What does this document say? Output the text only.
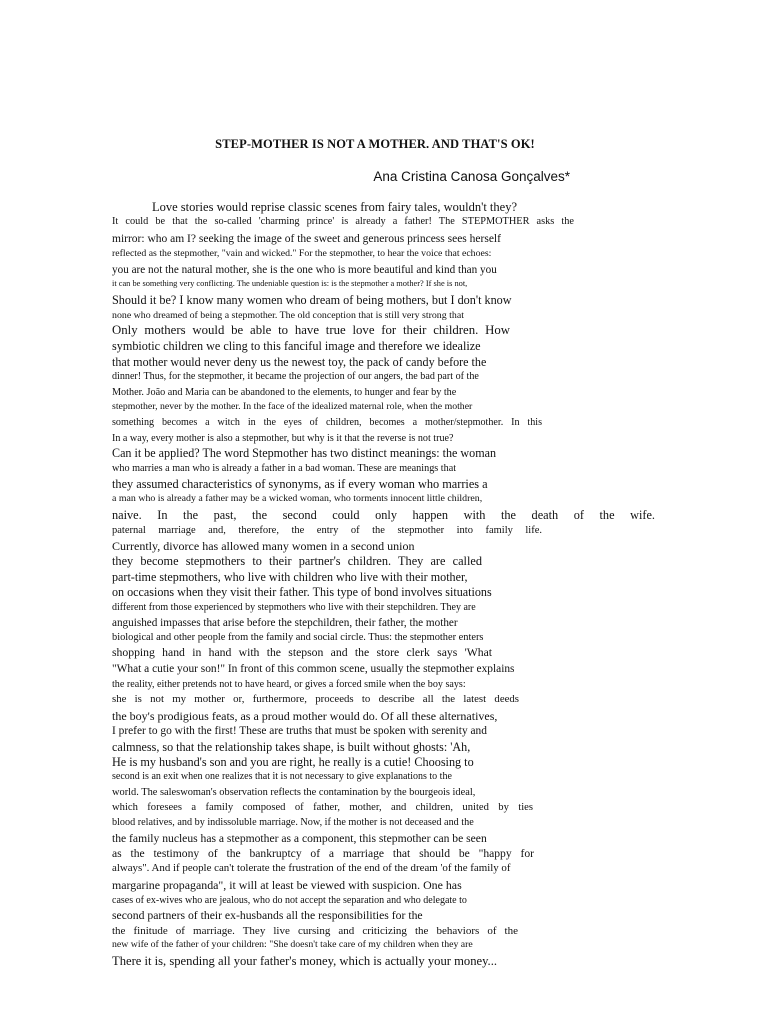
STEP-MOTHER IS NOT A MOTHER. AND THAT'S OK!
Ana Cristina Canosa Gonçalves*
Love stories would reprise classic scenes from fairy tales, wouldn't they?
It could be that the so-called 'charming prince' is already a father! The STEPMOTHER asks the
mirror: who am I? seeking the image of the sweet and generous princess sees herself
reflected as the stepmother, "vain and wicked." For the stepmother, to hear the voice that echoes:
you are not the natural mother, she is the one who is more beautiful and kind than you
it can be something very conflicting. The undeniable question is: is the stepmother a mother? If she is not,
Should it be? I know many women who dream of being mothers, but I don't know
none who dreamed of being a stepmother. The old conception that is still very strong that
Only mothers would be able to have true love for their children. How
symbiotic children we cling to this fanciful image and therefore we idealize
that mother would never deny us the newest toy, the pack of candy before the
dinner! Thus, for the stepmother, it became the projection of our angers, the bad part of the
Mother. João and Maria can be abandoned to the elements, to hunger and fear by the
stepmother, never by the mother. In the face of the idealized maternal role, when the mother
something becomes a witch in the eyes of children, becomes a mother/stepmother. In this
In a way, every mother is also a stepmother, but why is it that the reverse is not true?
Can it be applied? The word Stepmother has two distinct meanings: the woman
who marries a man who is already a father in a bad woman. These are meanings that
they assumed characteristics of synonyms, as if every woman who marries a
a man who is already a father may be a wicked woman, who torments innocent little children,
naive. In the past, the second could only happen with the death of the wife.
paternal marriage and, therefore, the entry of the stepmother into family life.
Currently, divorce has allowed many women in a second union
they become stepmothers to their partner's children. They are called
part-time stepmothers, who live with children who live with their mother,
on occasions when they visit their father. This type of bond involves situations
different from those experienced by stepmothers who live with their stepchildren. They are
anguished impasses that arise before the stepchildren, their father, the mother
biological and other people from the family and social circle. Thus: the stepmother enters
shopping hand in hand with the stepson and the store clerk says 'What
"What a cutie your son!" In front of this common scene, usually the stepmother explains
the reality, either pretends not to have heard, or gives a forced smile when the boy says:
she is not my mother or, furthermore, proceeds to describe all the latest deeds
the boy's prodigious feats, as a proud mother would do. Of all these alternatives,
I prefer to go with the first! These are truths that must be spoken with serenity and
calmness, so that the relationship takes shape, is built without ghosts: 'Ah,
He is my husband's son and you are right, he really is a cutie! Choosing to
second is an exit when one realizes that it is not necessary to give explanations to the
world. The saleswoman's observation reflects the contamination by the bourgeois ideal,
which foresees a family composed of father, mother, and children, united by ties
blood relatives, and by indissoluble marriage. Now, if the mother is not deceased and the
the family nucleus has a stepmother as a component, this stepmother can be seen
as the testimony of the bankruptcy of a marriage that should be "happy for
always". And if people can't tolerate the frustration of the end of the dream 'of the family of
margarine propaganda", it will at least be viewed with suspicion. One has
cases of ex-wives who are jealous, who do not accept the separation and who delegate to
second partners of their ex-husbands all the responsibilities for the
the finitude of marriage. They live cursing and criticizing the behaviors of the
new wife of the father of your children: "She doesn't take care of my children when they are
There it is, spending all your father's money, which is actually your money...
